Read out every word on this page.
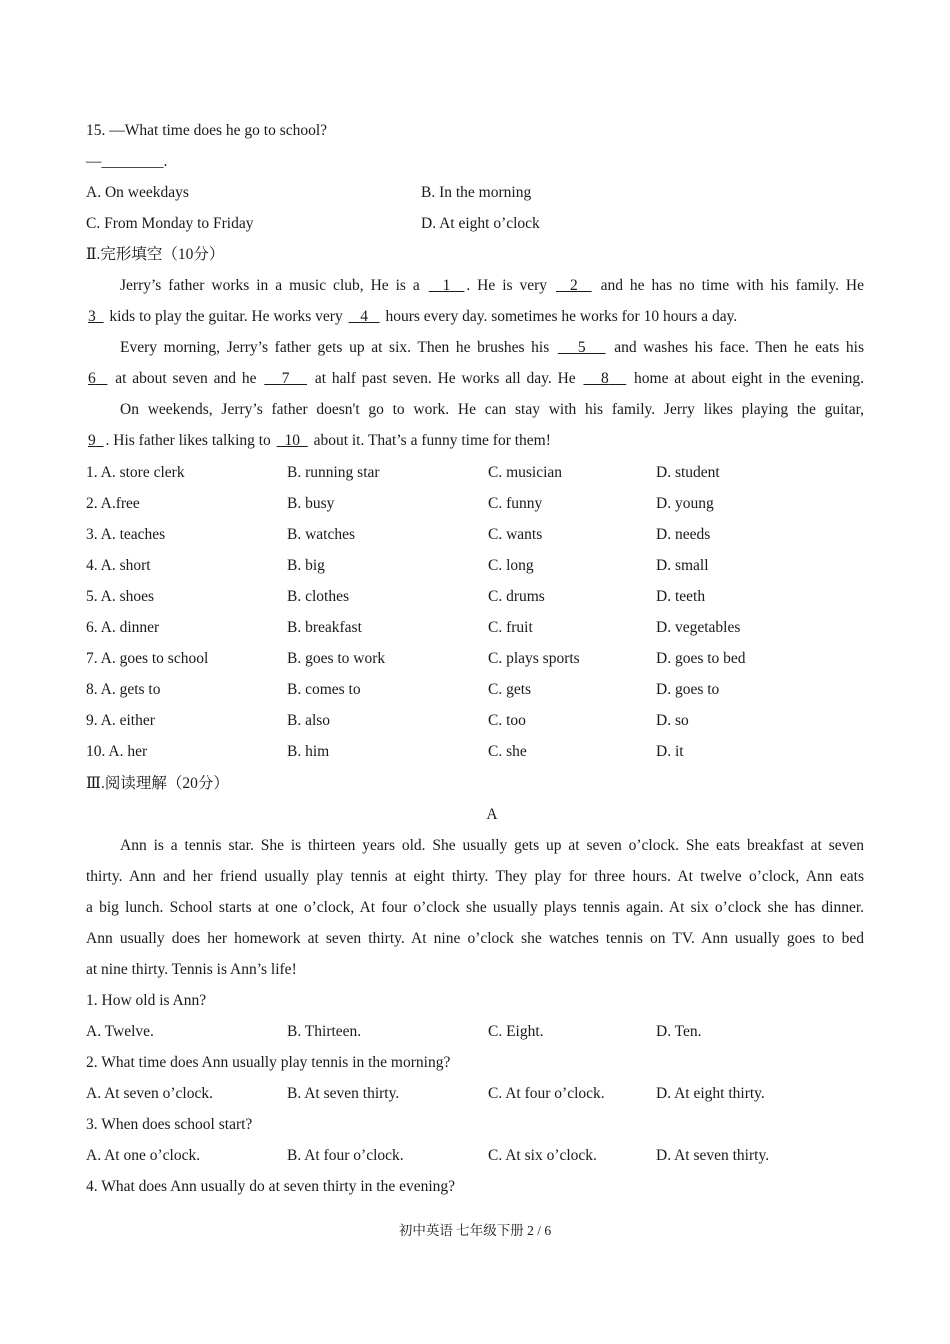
15. —What time does he go to school?
—________.
A. On weekdays	B. In the morning
C. From Monday to Friday	D. At eight o’clock
Ⅱ.完形填空（10分）
Jerry’s father works in a music club, He is a   1 . He is very   2   and he has no time with his family. He
3   kids to play the guitar. He works very    4    hours every day. sometimes he works for 10 hours a day.
Every morning, Jerry’s father gets up at six. Then he brushes his    5    and washes his face. Then he eats his
6   at about seven and he    7    at half past seven. He works all day. He    8    home at about eight in the evening.
On weekends, Jerry’s father doesn't go to work. He can stay with his family. Jerry likes playing the guitar,
9 . His father likes talking to   10   about it. That’s a funny time for them!
1. A. store clerk	B. running star	C. musician	D. student
2. A.free	B. busy	C. funny	D. young
3. A. teaches	B. watches	C. wants	D. needs
4. A. short	B. big	C. long	D. small
5. A. shoes	B. clothes	C. drums	D. teeth
6. A. dinner	B. breakfast	C. fruit	D. vegetables
7. A. goes to school	B. goes to work	C. plays sports	D. goes to bed
8. A. gets to	B. comes to	C. gets	D. goes to
9. A. either	B. also	C. too	D. so
10. A. her	B. him	C. she	D. it
Ⅲ.阅读理解（20分）
A
Ann is a tennis star. She is thirteen years old. She usually gets up at seven o’clock. She eats breakfast at seven
thirty. Ann and her friend usually play tennis at eight thirty. They play for three hours. At twelve o’clock, Ann eats
a big lunch. School starts at one o’clock, At four o’clock she usually plays tennis again. At six o’clock she has dinner.
Ann usually does her homework at seven thirty. At nine o’clock she watches tennis on TV. Ann usually goes to bed
at nine thirty. Tennis is Ann’s life!
1. How old is Ann?
A. Twelve.	B. Thirteen.	C. Eight.	D. Ten.
2. What time does Ann usually play tennis in the morning?
A. At seven o’clock.	B. At seven thirty.	C. At four o’clock.	D. At eight thirty.
3. When does school start?
A. At one o’clock.	B. At four o’clock.	C. At six o’clock.	D. At seven thirty.
4. What does Ann usually do at seven thirty in the evening?
初中英语 七年级下册 2 / 6
